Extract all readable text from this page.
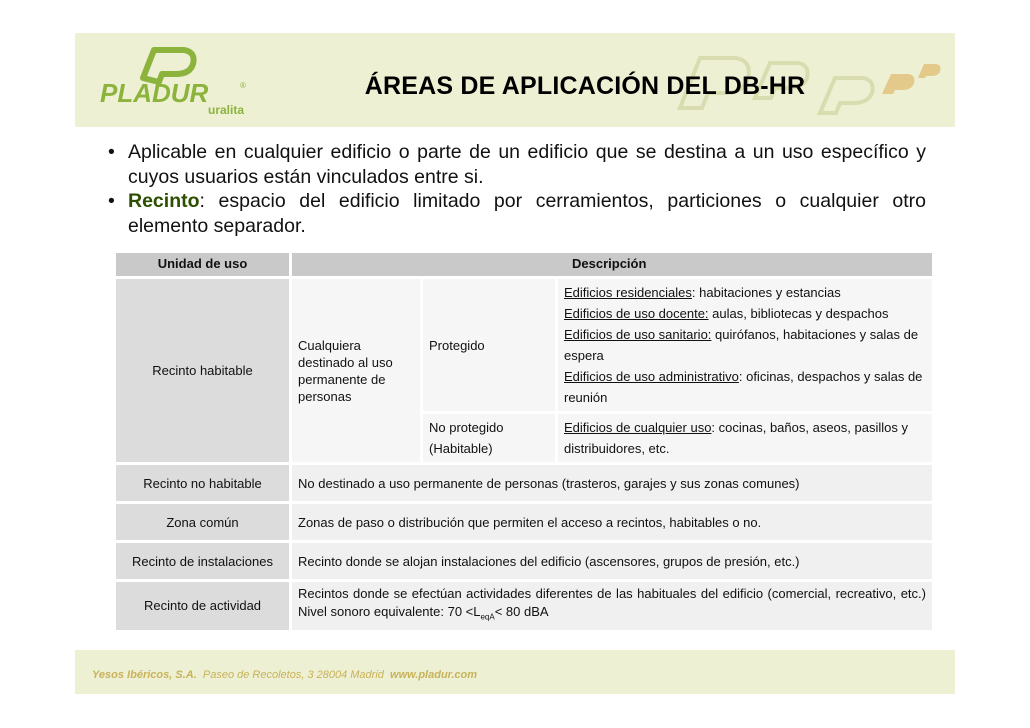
PLADUR	®
uralita
ÁREAS DE APLICACIÓN DEL DB-HR
• Aplicable en cualquier edificio o parte de un edificio que se destina a un uso específico y cuyos usuarios están vinculados entre si.
• Recinto: espacio del edificio limitado por cerramientos, particiones o cualquier otro elemento separador.
Unidad de uso	Descripción		
Recinto habitable	Cualquiera destinado al uso permanente de personas	Protegido	Edificios residenciales: habitaciones y estancias
Edificios de uso docente: aulas, bibliotecas y despachos
Edificios de uso sanitario: quirófanos, habitaciones y salas de espera
Edificios de uso administrativo: oficinas, despachos y salas de reunión

		No protegido (Habitable)	Edificios de cualquier uso: cocinas, baños, aseos, pasillos y distribuidores, etc.
Recinto no habitable	No destinado a uso permanente de personas (trasteros, garajes y sus zonas comunes)		
Zona común	Zonas de paso o distribución que permiten el acceso a recintos, habitables o no.		
Recinto de instalaciones	Recinto donde se alojan instalaciones del edificio (ascensores, grupos de presión, etc.)		
Recinto de actividad	Recintos donde se efectúan actividades diferentes de las habituales del edificio (comercial, recreativo, etc.) Nivel sonoro equivalente: $70 <L_{eqA}< 80$ dBA		
Yesos Ibéricos, S.A. Paseo de Recoletos, 3 28004 Madrid www.pladur.com
